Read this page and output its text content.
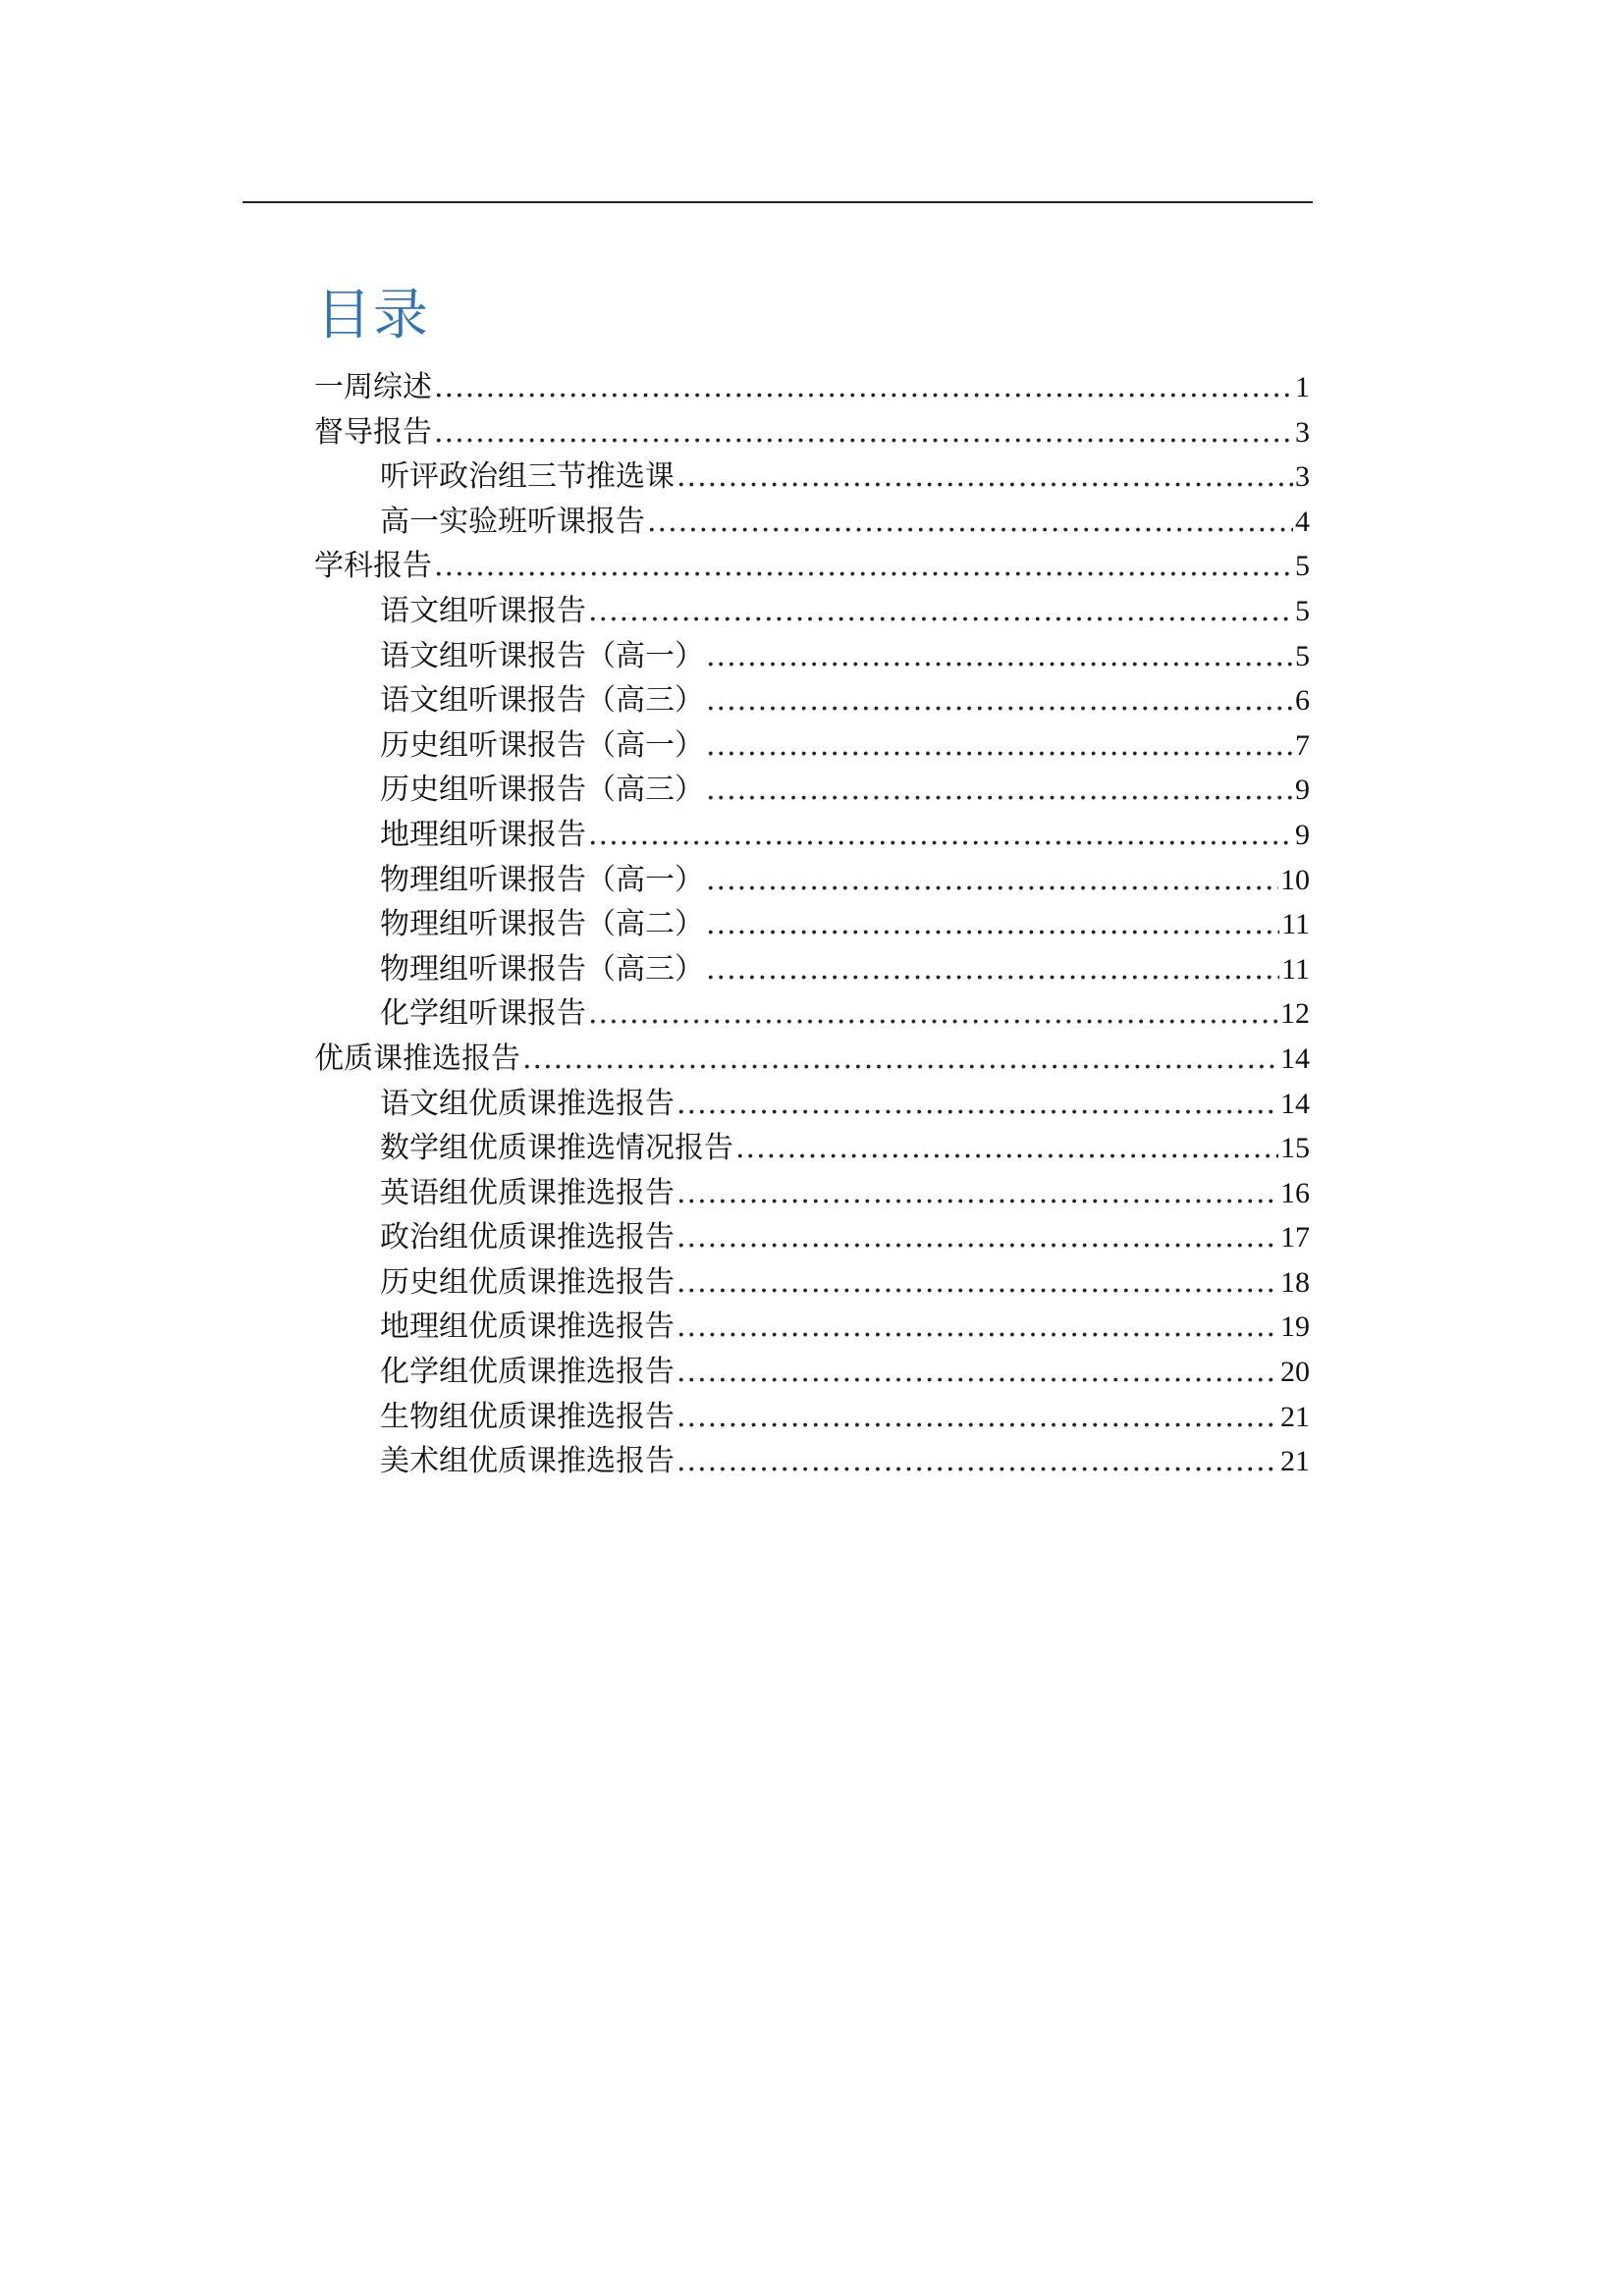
目录
一周综述 .....	1
督导报告 .....	3
听评政治组三节推选课 .....	3
高一实验班听课报告 .....	4
学科报告 .....	5
语文组听课报告 .....	5
语文组听课报告（高一） .....	5
语文组听课报告（高三） .....	6
历史组听课报告（高一） .....	7
历史组听课报告（高三） .....	9
地理组听课报告 .....	9
物理组听课报告（高一） .....	10
物理组听课报告（高二） .....	11
物理组听课报告（高三） .....	11
化学组听课报告 .....	12
优质课推选报告 .....	14
语文组优质课推选报告 .....	14
数学组优质课推选情况报告 .....	15
英语组优质课推选报告 .....	16
政治组优质课推选报告 .....	17
历史组优质课推选报告 .....	18
地理组优质课推选报告 .....	19
化学组优质课推选报告 .....	20
生物组优质课推选报告 .....	21
美术组优质课推选报告 .....	21
